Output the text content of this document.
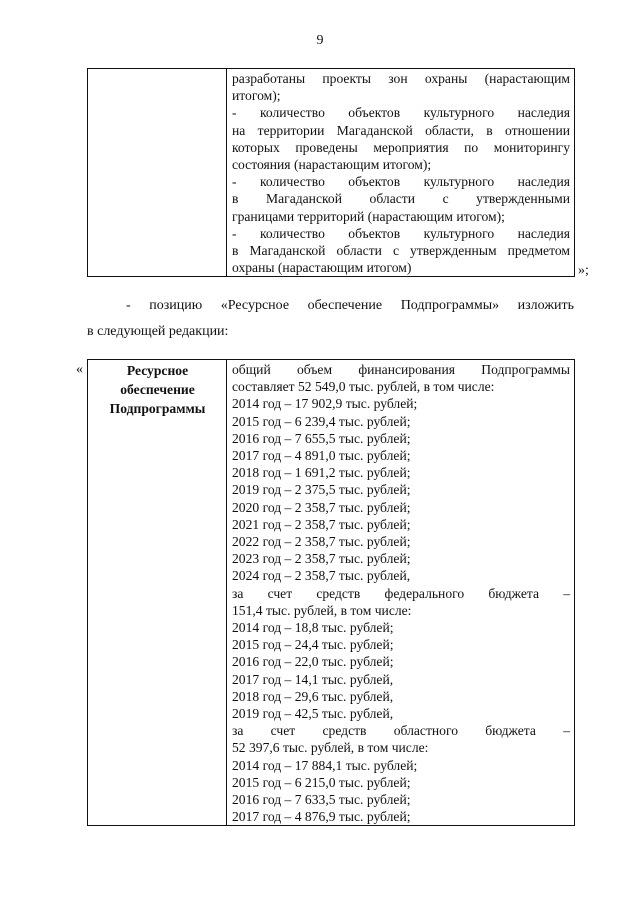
9

разработаны проекты зон охраны (нарастающим
итогом);
- количество объектов культурного наследия
на территории Магаданской области, в отношении
которых проведены мероприятия по мониторингу
состояния (нарастающим итогом);
- количество объектов культурного наследия
в Магаданской области с утвержденными
границами территорий (нарастающим итогом);
- количество объектов культурного наследия
в Магаданской области с утвержденным предметом
охраны (нарастающим итогом)	»;
- позицию «Ресурсное обеспечение Подпрограммы» изложить
в следующей редакции:
«	Ресурсное
обеспечение
Подпрограммы

общий объем финансирования Подпрограммы
составляет 52 549,0 тыс. рублей, в том числе:
2014 год – 17 902,9 тыс. рублей;
2015 год – 6 239,4 тыс. рублей;
2016 год – 7 655,5 тыс. рублей;
2017 год – 4 891,0 тыс. рублей;
2018 год – 1 691,2 тыс. рублей;
2019 год – 2 375,5 тыс. рублей;
2020 год – 2 358,7 тыс. рублей;
2021 год – 2 358,7 тыс. рублей;
2022 год – 2 358,7 тыс. рублей;
2023 год – 2 358,7 тыс. рублей;
2024 год – 2 358,7 тыс. рублей,
за счет средств федерального бюджета –
151,4 тыс. рублей, в том числе:
2014 год – 18,8 тыс. рублей;
2015 год – 24,4 тыс. рублей;
2016 год – 22,0 тыс. рублей;
2017 год – 14,1 тыс. рублей,
2018 год – 29,6 тыс. рублей,
2019 год – 42,5 тыс. рублей,
за счет средств областного бюджета –
52 397,6 тыс. рублей, в том числе:
2014 год – 17 884,1 тыс. рублей;
2015 год – 6 215,0 тыс. рублей;
2016 год – 7 633,5 тыс. рублей;
2017 год – 4 876,9 тыс. рублей;
